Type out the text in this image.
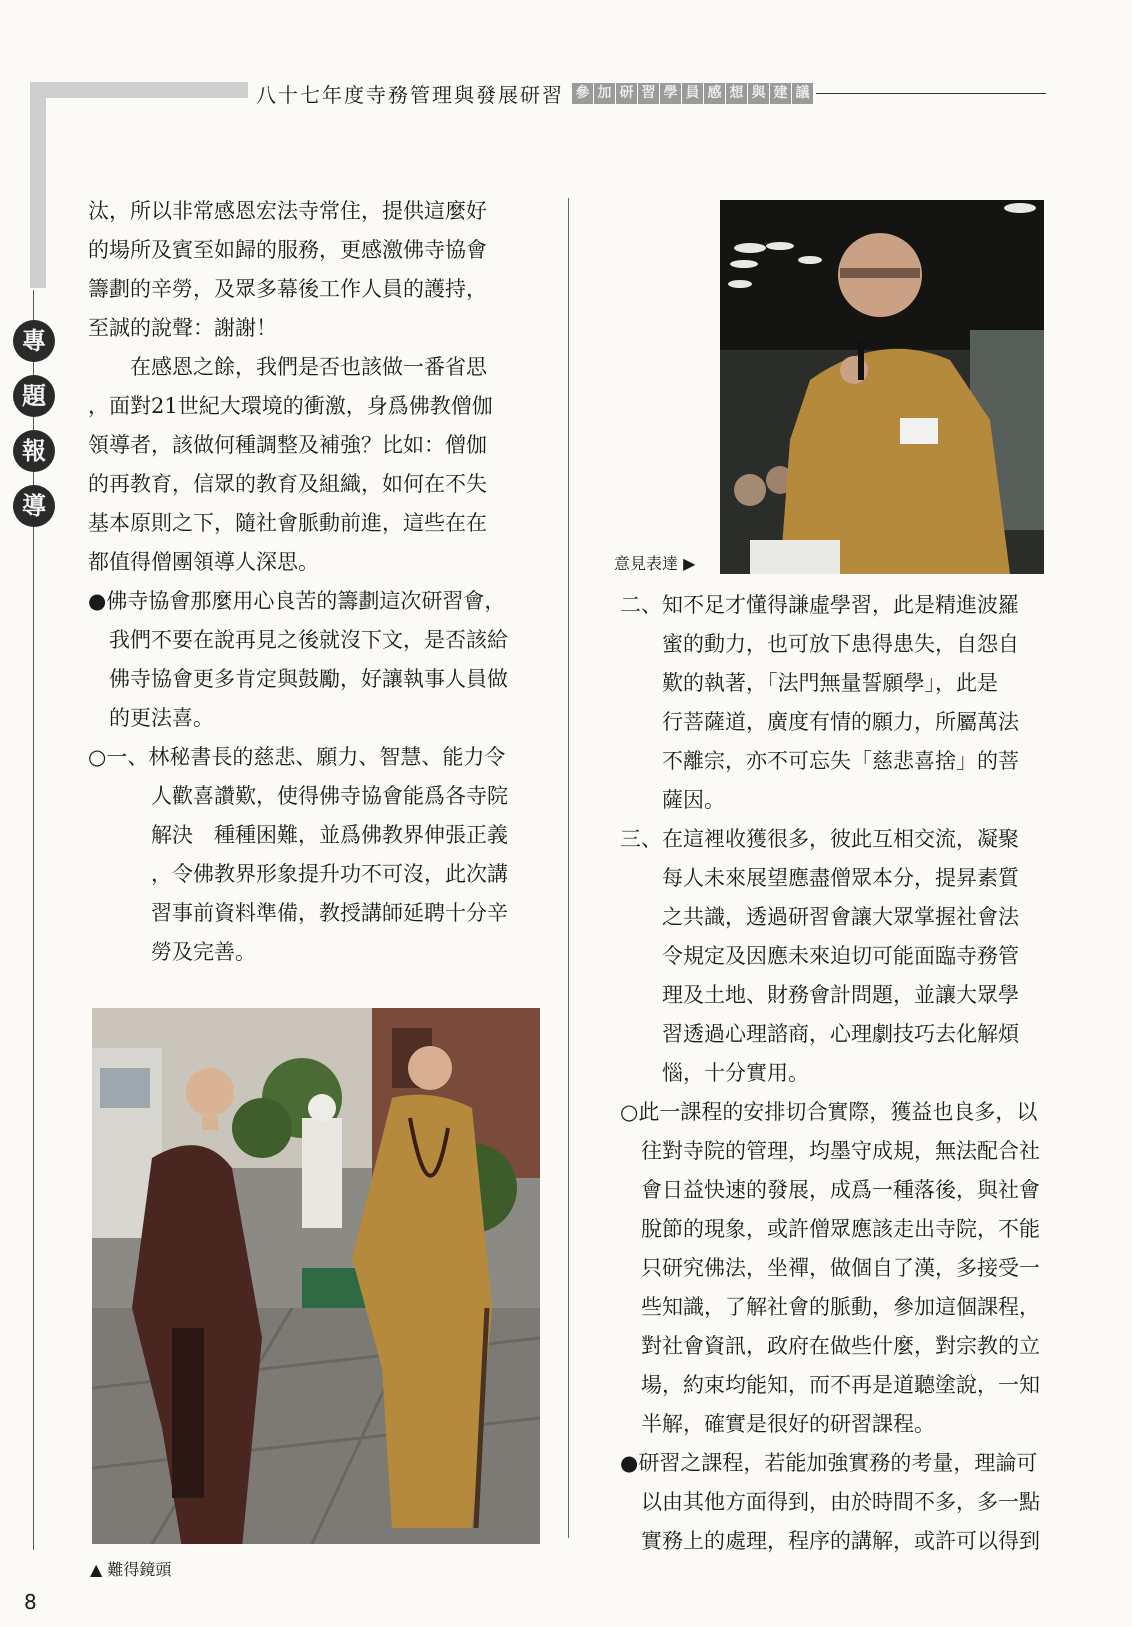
八十七年度寺務管理與發展研習 參 加 研 習 學 員 感 想 與 建 議
專
題
報
導

汰，所以非常感恩宏法寺常住，提供這麼好

的場所及賓至如歸的服務，更感激佛寺協會

籌劃的辛勞，及眾多幕後工作人員的護持，

至誠的說聲：謝謝！

　　在感恩之餘，我們是否也該做一番省思

，面對21世紀大環境的衝激，身爲佛教僧伽

領導者，該做何種調整及補強？比如：僧伽

的再教育，信眾的教育及組織，如何在不失

基本原則之下，隨社會脈動前進，這些在在

都值得僧團領導人深思。

●佛寺協會那麼用心良苦的籌劃這次研習會，

　我們不要在說再見之後就沒下文，是否該給

　佛寺協會更多肯定與鼓勵，好讓執事人員做

　的更法喜。

○一、林秘書長的慈悲、願力、智慧、能力令

　　　人歡喜讚歎，使得佛寺協會能爲各寺院

　　　解決　種種困難，並爲佛教界伸張正義

　　　，令佛教界形象提升功不可沒，此次講

　　　習事前資料準備，教授講師延聘十分辛

　　　勞及完善。

▲ 難得鏡頭
意見表達 ▶

二、知不足才懂得謙虛學習，此是精進波羅

　　蜜的動力，也可放下患得患失，自怨自

　　歎的執著，「法門無量誓願學」，此是

　　行菩薩道，廣度有情的願力，所屬萬法

　　不離宗，亦不可忘失「慈悲喜捨」的菩

　　薩因。

三、在這裡收獲很多，彼此互相交流，凝聚

　　每人未來展望應盡僧眾本分，提昇素質

　　之共識，透過研習會讓大眾掌握社會法

　　令規定及因應未來迫切可能面臨寺務管

　　理及土地、財務會計問題，並讓大眾學

　　習透過心理諮商，心理劇技巧去化解煩

　　惱，十分實用。

○此一課程的安排切合實際，獲益也良多，以

　往對寺院的管理，均墨守成規，無法配合社

　會日益快速的發展，成爲一種落後，與社會

　脫節的現象，或許僧眾應該走出寺院，不能

　只研究佛法，坐禪，做個自了漢，多接受一

　些知識，了解社會的脈動，參加這個課程，

　對社會資訊，政府在做些什麼，對宗教的立

　場，約束均能知，而不再是道聽塗說，一知

　半解，確實是很好的研習課程。

●研習之課程，若能加強實務的考量，理論可

　以由其他方面得到，由於時間不多，多一點

　實務上的處理，程序的講解，或許可以得到

8
